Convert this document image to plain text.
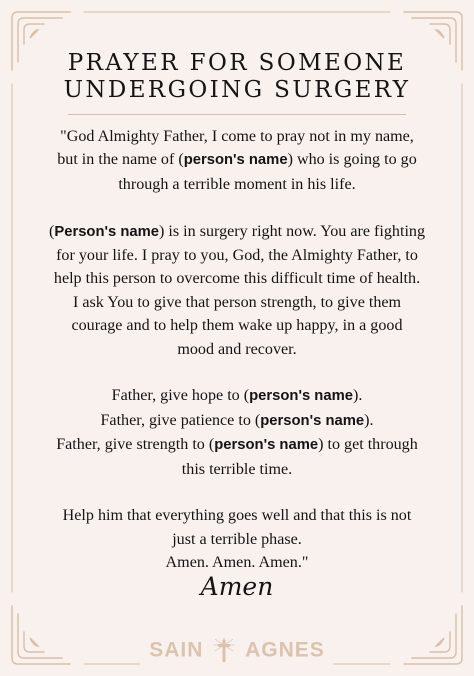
PRAYER FOR SOMEONE
UNDERGOING SURGERY

"God Almighty Father, I come to pray not in my name,
but in the name of (person's name) who is going to go
through a terrible moment in his life.

(Person's name) is in surgery right now. You are fighting
for your life. I pray to you, God, the Almighty Father, to
help this person to overcome this difficult time of health.
I ask You to give that person strength, to give them
courage and to help them wake up happy, in a good
mood and recover.

Father, give hope to (person's name).
Father, give patience to (person's name).
Father, give strength to (person's name) to get through
this terrible time.

Help him that everything goes well and that this is not
just a terrible phase.
Amen. Amen. Amen."

Amen
SAIN AGNES
